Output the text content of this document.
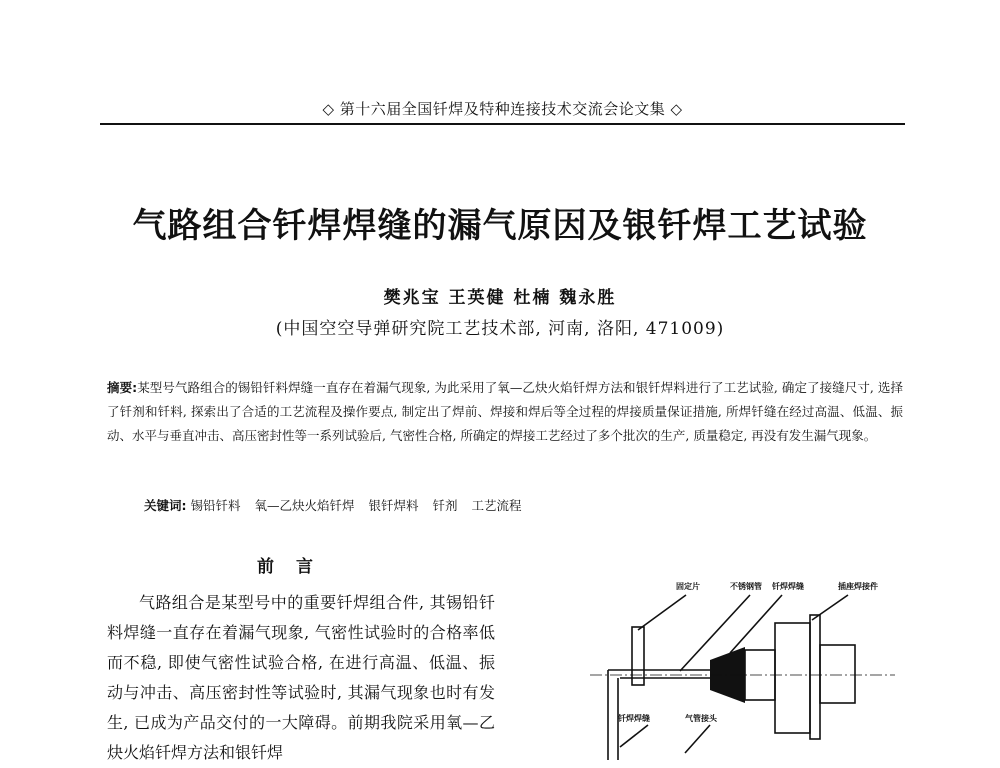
◇ 第十六届全国钎焊及特种连接技术交流会论文集 ◇
气路组合钎焊焊缝的漏气原因及银钎焊工艺试验
樊兆宝 王英健 杜楠 魏永胜
(中国空空导弹研究院工艺技术部, 河南, 洛阳, 471009)
摘要:某型号气路组合的锡铅钎料焊缝一直存在着漏气现象, 为此采用了氧—乙炔火焰钎焊方法和银钎焊料进行了工艺试验, 确定了接缝尺寸, 选择了钎剂和钎料, 探索出了合适的工艺流程及操作要点, 制定出了焊前、焊接和焊后等全过程的焊接质量保证措施, 所焊钎缝在经过高温、低温、振动、水平与垂直冲击、高压密封性等一系列试验后, 气密性合格, 所确定的焊接工艺经过了多个批次的生产, 质量稳定, 再没有发生漏气现象。
关键词: 锡铅钎料 氧—乙炔火焰钎焊 银钎焊料 钎剂 工艺流程
前言
气路组合是某型号中的重要钎焊组合件, 其锡铅钎料焊缝一直存在着漏气现象, 气密性试验时的合格率低而不稳, 即使气密性试验合格, 在进行高温、低温、振动与冲击、高压密封性等试验时, 其漏气现象也时有发生, 已成为产品交付的一大障碍。前期我院采用氧—乙炔火焰钎焊方法和银钎焊
固定片	不锈钢管 钎焊焊缝	插座焊接件
钎焊焊缝	气管接头
